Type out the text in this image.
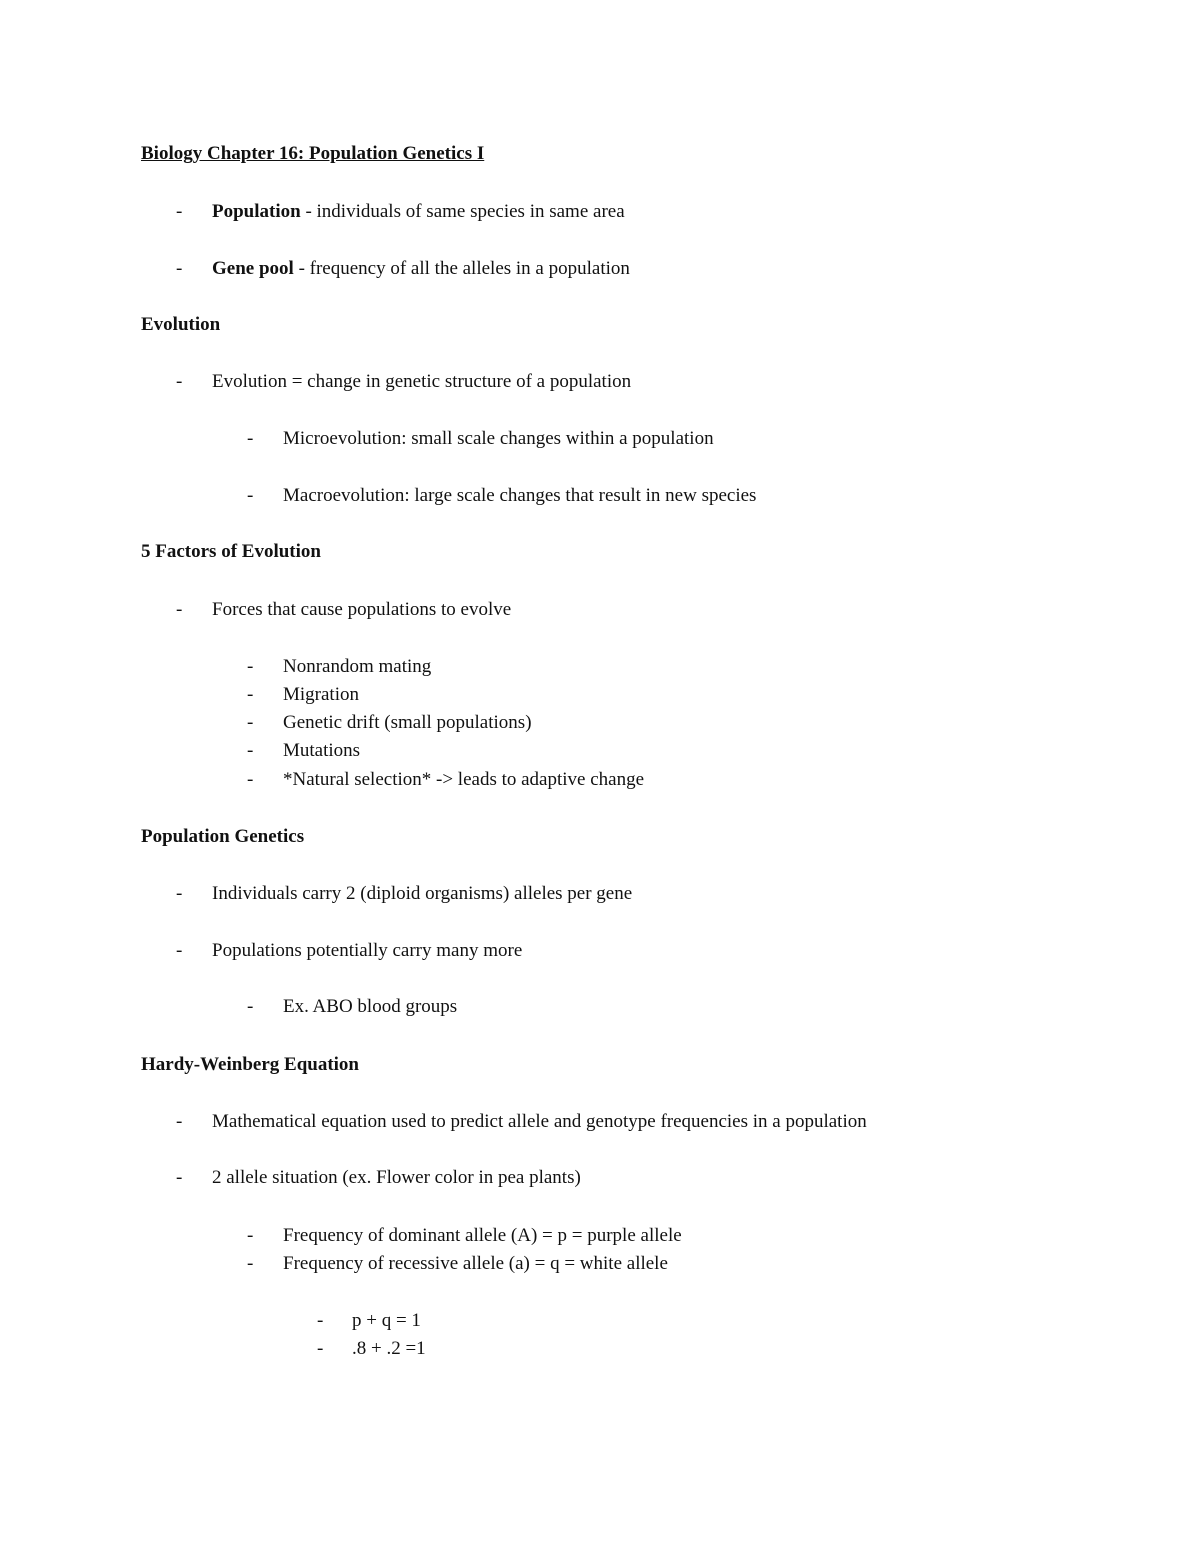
Biology Chapter 16: Population Genetics I
- Population - individuals of same species in same area
- Gene pool - frequency of all the alleles in a population
Evolution
- Evolution = change in genetic structure of a population
- Microevolution: small scale changes within a population
- Macroevolution: large scale changes that result in new species
5 Factors of Evolution
- Forces that cause populations to evolve
- Nonrandom mating
- Migration
- Genetic drift (small populations)
- Mutations
- *Natural selection* -> leads to adaptive change
Population Genetics
- Individuals carry 2 (diploid organisms) alleles per gene
- Populations potentially carry many more
- Ex. ABO blood groups
Hardy-Weinberg Equation
- Mathematical equation used to predict allele and genotype frequencies in a population
- 2 allele situation (ex. Flower color in pea plants)
- Frequency of dominant allele (A) = p = purple allele
- Frequency of recessive allele (a) = q = white allele
- p + q = 1
- .8 + .2 =1
